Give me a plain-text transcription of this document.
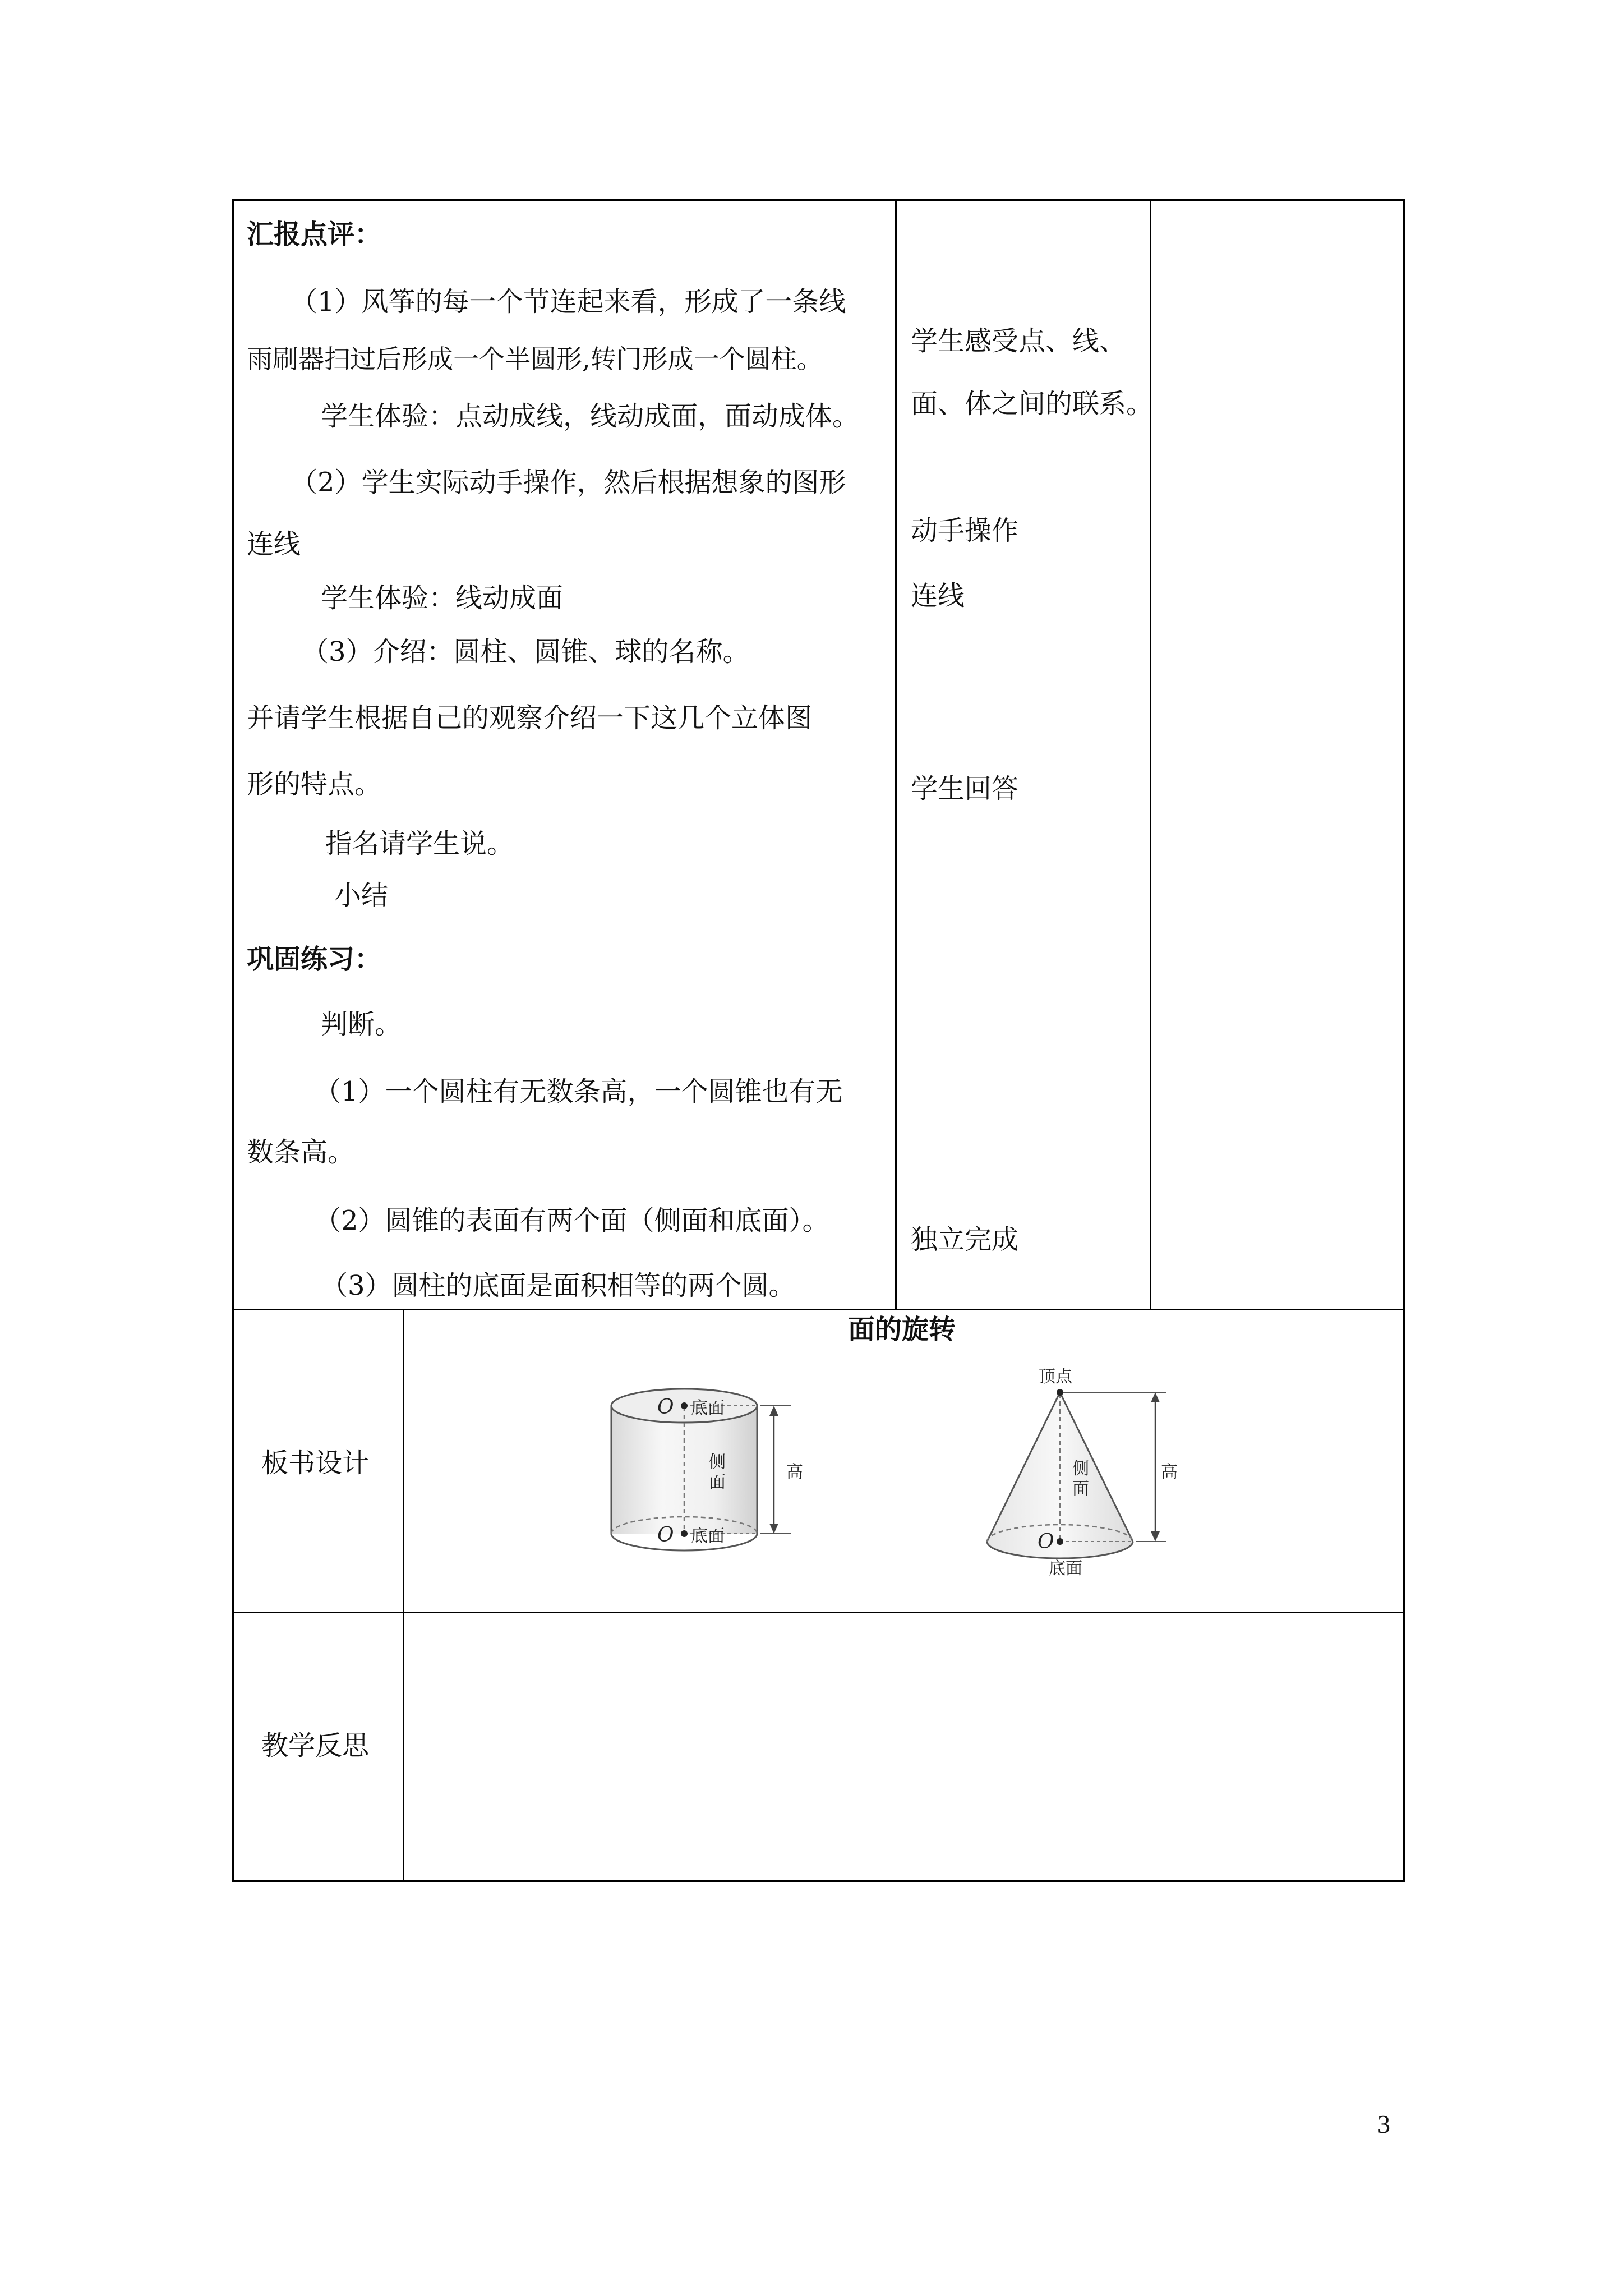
汇报点评：
（1）风筝的每一个节连起来看，形成了一条线
雨刷器扫过后形成一个半圆形,转门形成一个圆柱。
学生体验：点动成线，线动成面，面动成体。
（2）学生实际动手操作，然后根据想象的图形
连线
学生体验：线动成面
（3）介绍：圆柱、圆锥、球的名称。
并请学生根据自己的观察介绍一下这几个立体图
形的特点。
指名请学生说。
小结
巩固练习：
判断。
（1）一个圆柱有无数条高，一个圆锥也有无
数条高。
（2）圆锥的表面有两个面（侧面和底面）。
（3）圆柱的底面是面积相等的两个圆。
学生感受点、线、
面、体之间的联系。
动手操作
连线
学生回答
独立完成
板书设计
面的旋转
O 底面
侧
面
高
O 底面
顶点
侧
面
高
O
底面
教学反思
3
